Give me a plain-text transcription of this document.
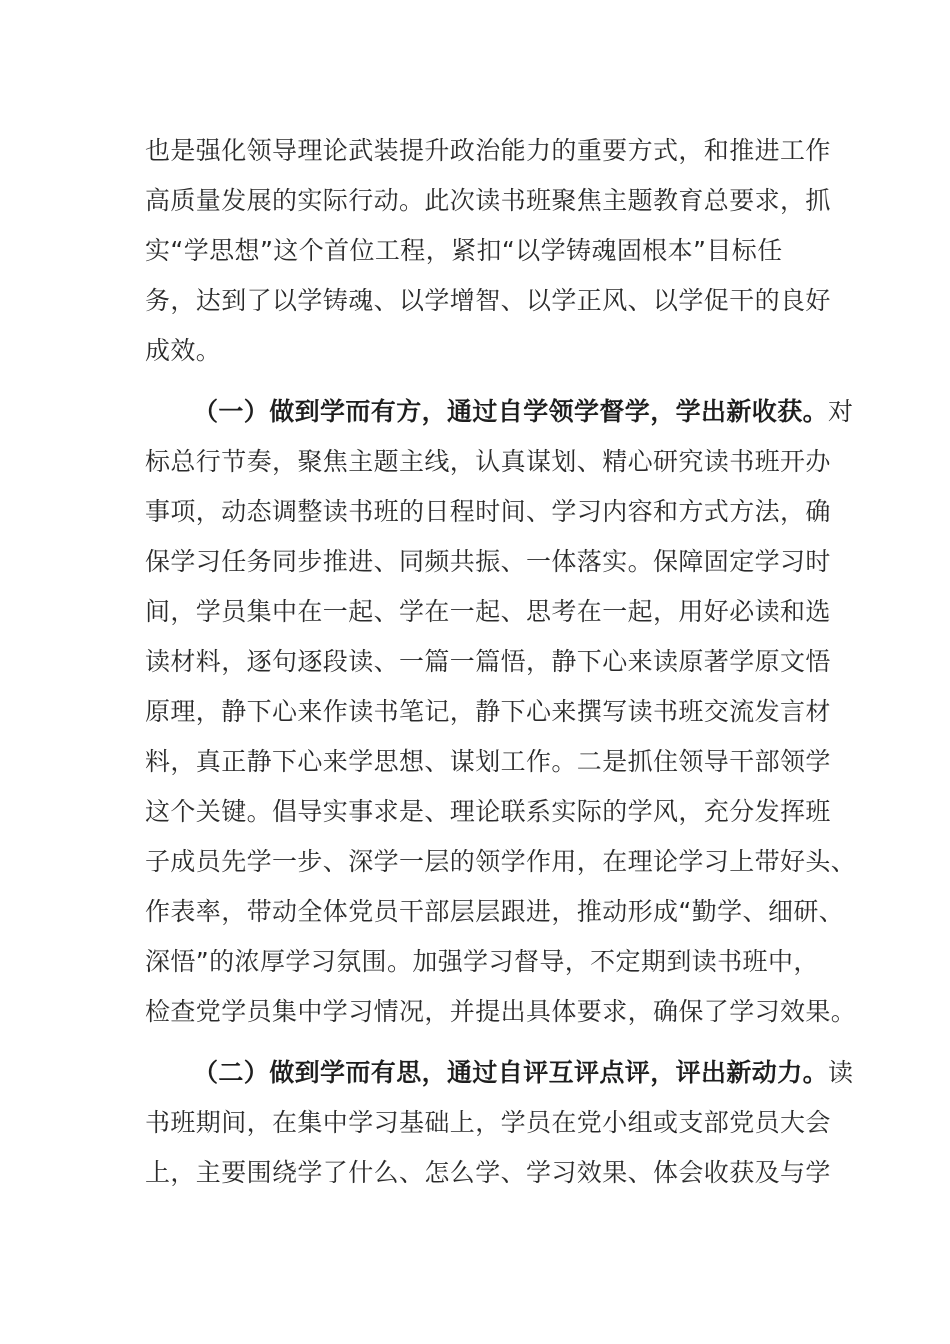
也是强化领导理论武装提升政治能力的重要方式，和推进工作
高质量发展的实际行动。此次读书班聚焦主题教育总要求，抓
实“学思想”这个首位工程，紧扣“以学铸魂固根本”目标任
务，达到了以学铸魂、以学增智、以学正风、以学促干的良好
成效。
（一）做到学而有方，通过自学领学督学，学出新收获。对
标总行节奏，聚焦主题主线，认真谋划、精心研究读书班开办
事项，动态调整读书班的日程时间、学习内容和方式方法，确
保学习任务同步推进、同频共振、一体落实。保障固定学习时
间，学员集中在一起、学在一起、思考在一起，用好必读和选
读材料，逐句逐段读、一篇一篇悟，静下心来读原著学原文悟
原理，静下心来作读书笔记，静下心来撰写读书班交流发言材
料，真正静下心来学思想、谋划工作。二是抓住领导干部领学
这个关键。倡导实事求是、理论联系实际的学风，充分发挥班
子成员先学一步、深学一层的领学作用，在理论学习上带好头、
作表率，带动全体党员干部层层跟进，推动形成“勤学、细研、
深悟”的浓厚学习氛围。加强学习督导，不定期到读书班中，
检查党学员集中学习情况，并提出具体要求，确保了学习效果。
（二）做到学而有思，通过自评互评点评，评出新动力。读
书班期间，在集中学习基础上，学员在党小组或支部党员大会
上，主要围绕学了什么、怎么学、学习效果、体会收获及与学
